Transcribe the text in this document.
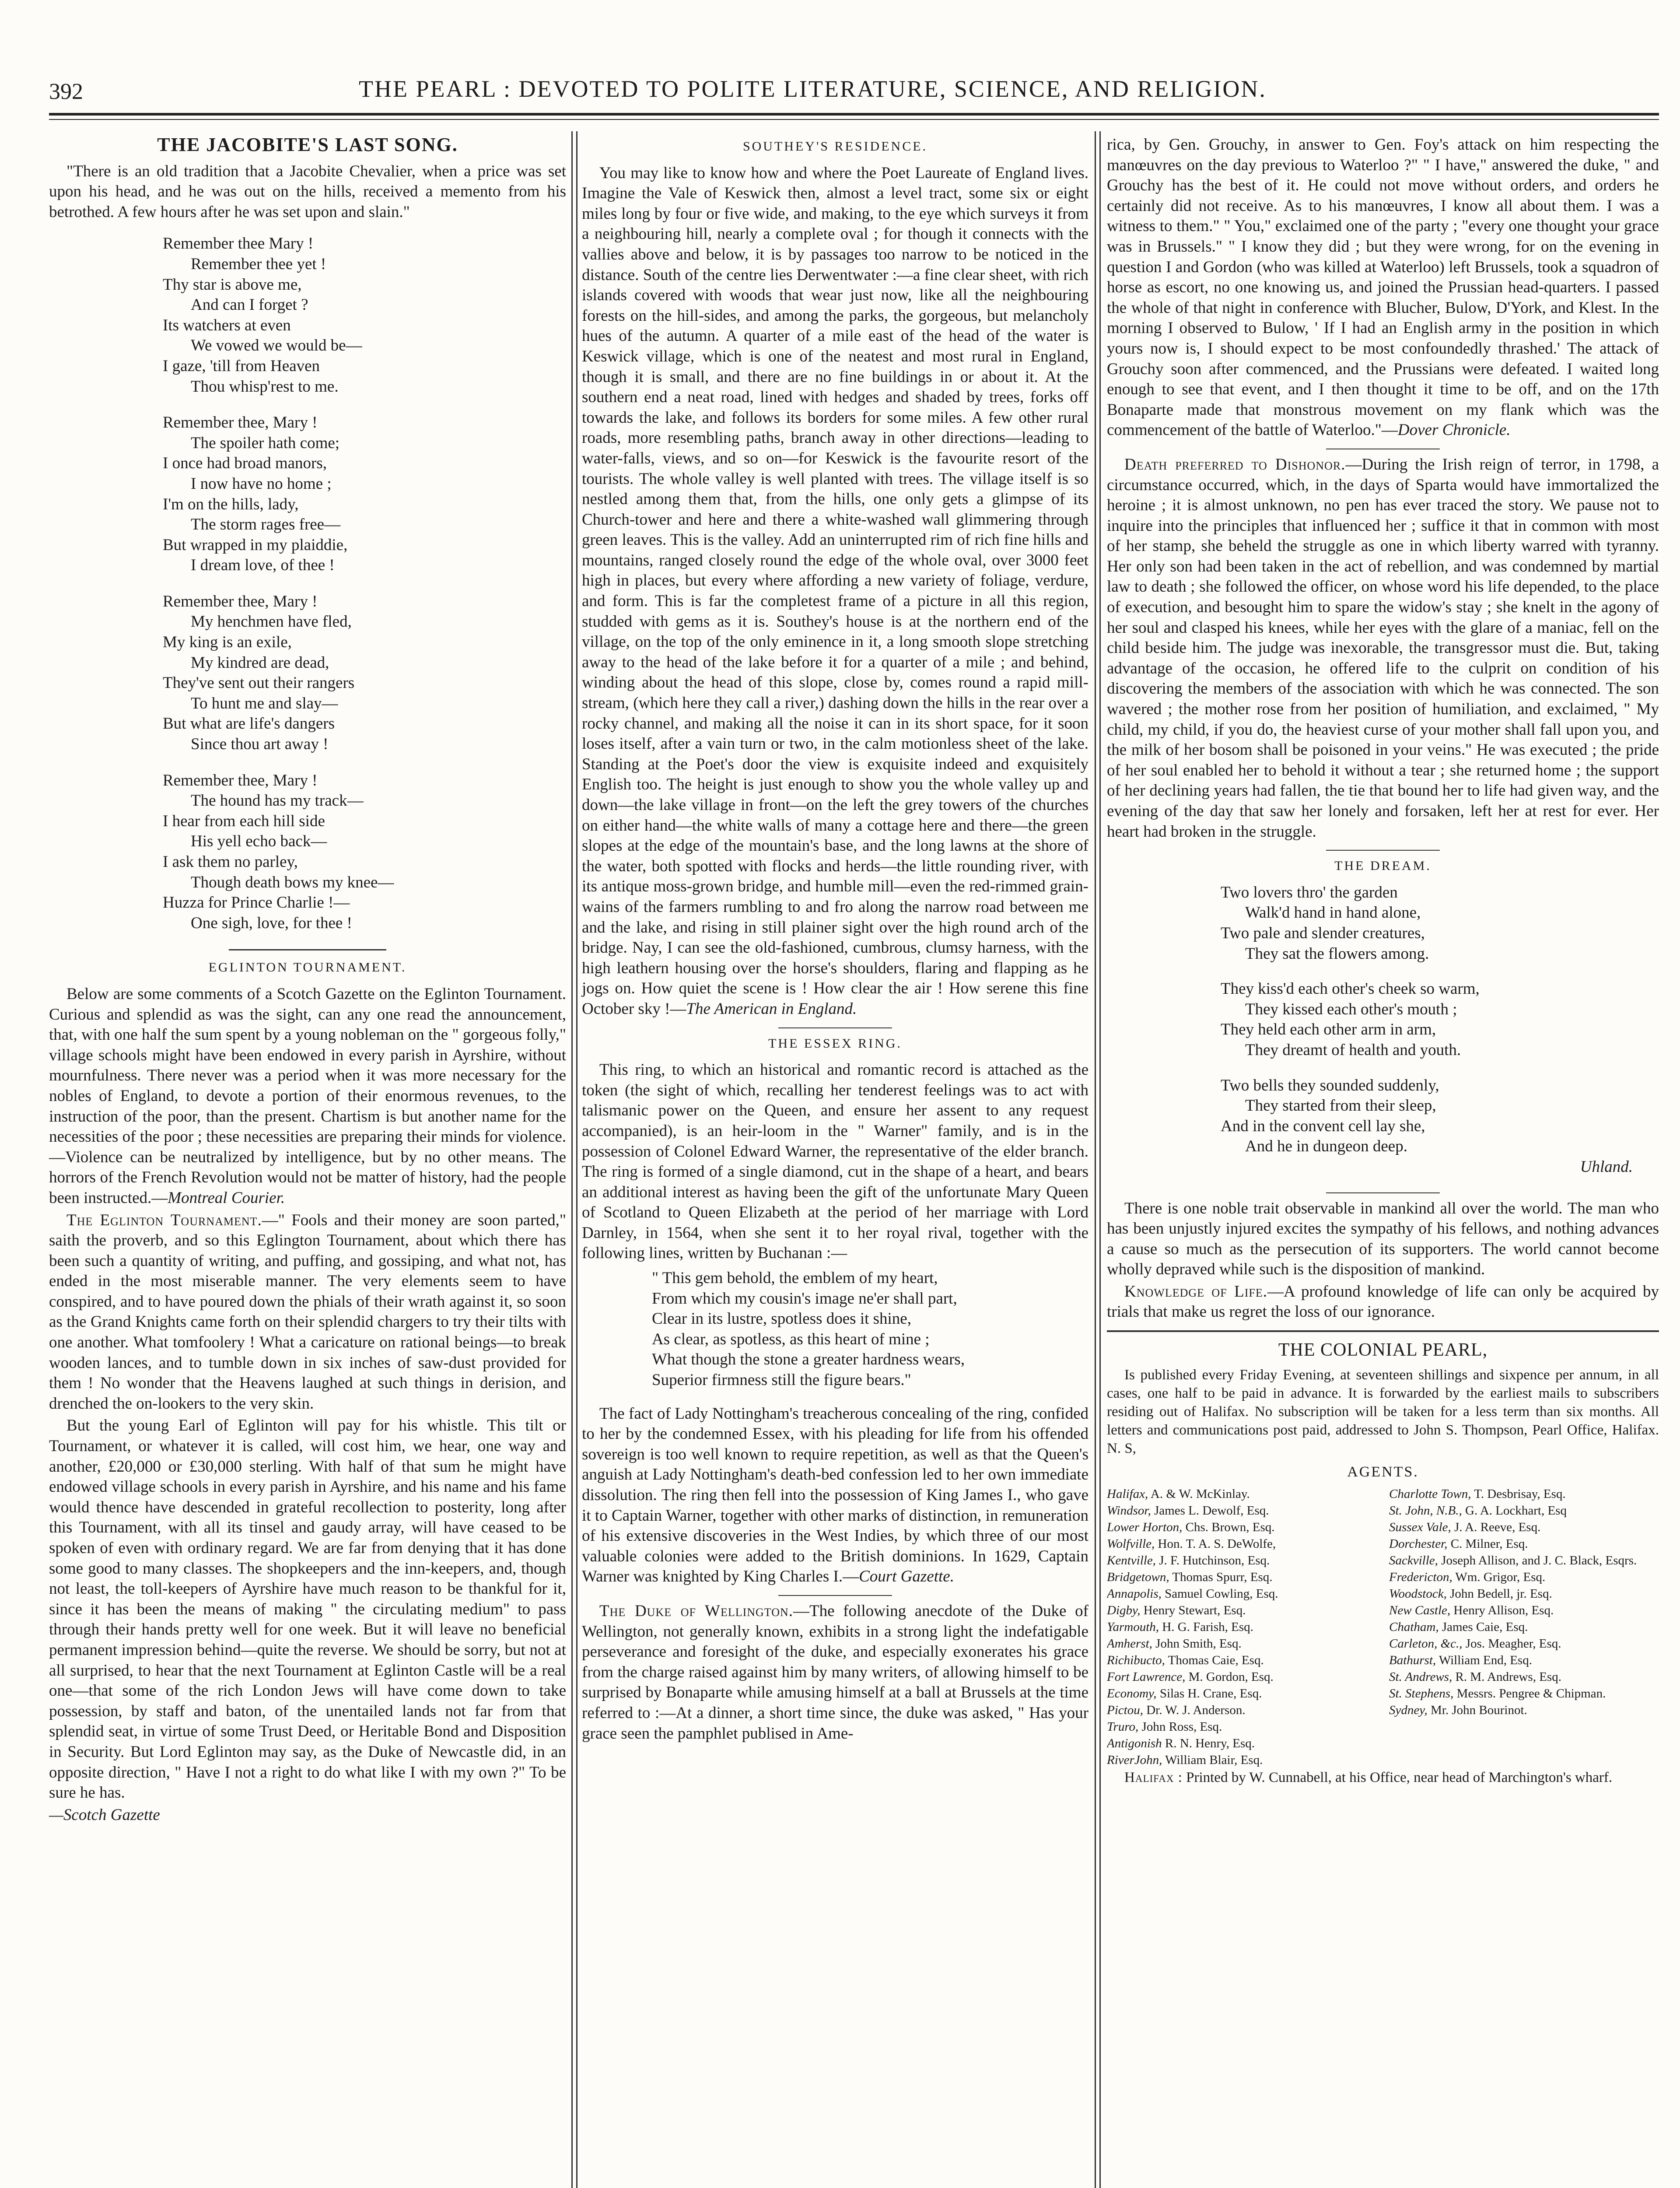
392	THE PEARL : DEVOTED TO POLITE LITERATURE, SCIENCE, AND RELIGION.
THE JACOBITE'S LAST SONG.

"There is an old tradition that a Jacobite Chevalier, when a price was set upon his head, and he was out on the hills, received a memento from his betrothed. A few hours after he was set upon and slain."

Remember thee Mary !
Remember thee yet !
Thy star is above me,
And can I forget ?
Its watchers at even
We vowed we would be—
I gaze, 'till from Heaven
Thou whisp'rest to me.
Remember thee, Mary !
The spoiler hath come;
I once had broad manors,
I now have no home ;
I'm on the hills, lady,
The storm rages free—
But wrapped in my plaiddie,
I dream love, of thee !
Remember thee, Mary !
My henchmen have fled,
My king is an exile,
My kindred are dead,
They've sent out their rangers
To hunt me and slay—
But what are life's dangers
Since thou art away !
Remember thee, Mary !
The hound has my track—
I hear from each hill side
His yell echo back—
I ask them no parley,
Though death bows my knee—
Huzza for Prince Charlie !—
One sigh, love, for thee !
EGLINTON TOURNAMENT.

Below are some comments of a Scotch Gazette on the Eglinton Tournament. Curious and splendid as was the sight, can any one read the announcement, that, with one half the sum spent by a young nobleman on the " gorgeous folly," village schools might have been endowed in every parish in Ayrshire, without mournfulness. There never was a period when it was more necessary for the nobles of England, to devote a portion of their enormous revenues, to the instruction of the poor, than the present. Chartism is but another name for the necessities of the poor ; these necessities are preparing their minds for violence.—Violence can be neutralized by intelligence, but by no other means. The horrors of the French Revolution would not be matter of history, had the people been instructed.—Montreal Courier.

The Eglinton Tournament.—" Fools and their money are soon parted," saith the proverb, and so this Eglington Tournament, about which there has been such a quantity of writing, and puffing, and gossiping, and what not, has ended in the most miserable manner. The very elements seem to have conspired, and to have poured down the phials of their wrath against it, so soon as the Grand Knights came forth on their splendid chargers to try their tilts with one another. What tomfoolery ! What a caricature on rational beings—to break wooden lances, and to tumble down in six inches of saw-dust provided for them ! No wonder that the Heavens laughed at such things in derision, and drenched the on-lookers to the very skin.

But the young Earl of Eglinton will pay for his whistle. This tilt or Tournament, or whatever it is called, will cost him, we hear, one way and another, £20,000 or £30,000 sterling. With half of that sum he might have endowed village schools in every parish in Ayrshire, and his name and his fame would thence have descended in grateful recollection to posterity, long after this Tournament, with all its tinsel and gaudy array, will have ceased to be spoken of even with ordinary regard. We are far from denying that it has done some good to many classes. The shopkeepers and the inn-keepers, and, though not least, the toll-keepers of Ayrshire have much reason to be thankful for it, since it has been the means of making " the circulating medium" to pass through their hands pretty well for one week. But it will leave no beneficial permanent impression behind—quite the reverse. We should be sorry, but not at all surprised, to hear that the next Tournament at Eglinton Castle will be a real one—that some of the rich London Jews will have come down to take possession, by staff and baton, of the unentailed lands not far from that splendid seat, in virtue of some Trust Deed, or Heritable Bond and Disposition in Security. But Lord Eglinton may say, as the Duke of Newcastle did, in an opposite direction, " Have I not a right to do what like I with my own ?" To be sure he has.

—Scotch Gazette

SOUTHEY'S RESIDENCE.

You may like to know how and where the Poet Laureate of England lives. Imagine the Vale of Keswick then, almost a level tract, some six or eight miles long by four or five wide, and making, to the eye which surveys it from a neighbouring hill, nearly a complete oval ; for though it connects with the vallies above and below, it is by passages too narrow to be noticed in the distance. South of the centre lies Derwentwater :—a fine clear sheet, with rich islands covered with woods that wear just now, like all the neighbouring forests on the hill-sides, and among the parks, the gorgeous, but melancholy hues of the autumn. A quarter of a mile east of the head of the water is Keswick village, which is one of the neatest and most rural in England, though it is small, and there are no fine buildings in or about it. At the southern end a neat road, lined with hedges and shaded by trees, forks off towards the lake, and follows its borders for some miles. A few other rural roads, more resembling paths, branch away in other directions—leading to water-falls, views, and so on—for Keswick is the favourite resort of the tourists. The whole valley is well planted with trees. The village itself is so nestled among them that, from the hills, one only gets a glimpse of its Church-tower and here and there a white-washed wall glimmering through green leaves. This is the valley. Add an uninterrupted rim of rich fine hills and mountains, ranged closely round the edge of the whole oval, over 3000 feet high in places, but every where affording a new variety of foliage, verdure, and form. This is far the completest frame of a picture in all this region, studded with gems as it is. Southey's house is at the northern end of the village, on the top of the only eminence in it, a long smooth slope stretching away to the head of the lake before it for a quarter of a mile ; and behind, winding about the head of this slope, close by, comes round a rapid mill-stream, (which here they call a river,) dashing down the hills in the rear over a rocky channel, and making all the noise it can in its short space, for it soon loses itself, after a vain turn or two, in the calm motionless sheet of the lake. Standing at the Poet's door the view is exquisite indeed and exquisitely English too. The height is just enough to show you the whole valley up and down—the lake village in front—on the left the grey towers of the churches on either hand—the white walls of many a cottage here and there—the green slopes at the edge of the mountain's base, and the long lawns at the shore of the water, both spotted with flocks and herds—the little rounding river, with its antique moss-grown bridge, and humble mill—even the red-rimmed grain-wains of the farmers rumbling to and fro along the narrow road between me and the lake, and rising in still plainer sight over the high round arch of the bridge. Nay, I can see the old-fashioned, cumbrous, clumsy harness, with the high leathern housing over the horse's shoulders, flaring and flapping as he jogs on. How quiet the scene is ! How clear the air ! How serene this fine October sky !—The American in England.

THE ESSEX RING.

This ring, to which an historical and romantic record is attached as the token (the sight of which, recalling her tenderest feelings was to act with talismanic power on the Queen, and ensure her assent to any request accompanied), is an heir-loom in the " Warner" family, and is in the possession of Colonel Edward Warner, the representative of the elder branch. The ring is formed of a single diamond, cut in the shape of a heart, and bears an additional interest as having been the gift of the unfortunate Mary Queen of Scotland to Queen Elizabeth at the period of her marriage with Lord Darnley, in 1564, when she sent it to her royal rival, together with the following lines, written by Buchanan :—

" This gem behold, the emblem of my heart,
From which my cousin's image ne'er shall part,
Clear in its lustre, spotless does it shine,
As clear, as spotless, as this heart of mine ;
What though the stone a greater hardness wears,
Superior firmness still the figure bears."

The fact of Lady Nottingham's treacherous concealing of the ring, confided to her by the condemned Essex, with his pleading for life from his offended sovereign is too well known to require repetition, as well as that the Queen's anguish at Lady Nottingham's death-bed confession led to her own immediate dissolution. The ring then fell into the possession of King James I., who gave it to Captain Warner, together with other marks of distinction, in remuneration of his extensive discoveries in the West Indies, by which three of our most valuable colonies were added to the British dominions. In 1629, Captain Warner was knighted by King Charles I.—Court Gazette.

The Duke of Wellington.—The following anecdote of the Duke of Wellington, not generally known, exhibits in a strong light the indefatigable perseverance and foresight of the duke, and especially exonerates his grace from the charge raised against him by many writers, of allowing himself to be surprised by Bonaparte while amusing himself at a ball at Brussels at the time referred to :—At a dinner, a short time since, the duke was asked, " Has your grace seen the pamphlet publised in Ame-

rica, by Gen. Grouchy, in answer to Gen. Foy's attack on him respecting the manœuvres on the day previous to Waterloo ?" " I have," answered the duke, " and Grouchy has the best of it. He could not move without orders, and orders he certainly did not receive. As to his manœuvres, I know all about them. I was a witness to them." " You," exclaimed one of the party ; "every one thought your grace was in Brussels." " I know they did ; but they were wrong, for on the evening in question I and Gordon (who was killed at Waterloo) left Brussels, took a squadron of horse as escort, no one knowing us, and joined the Prussian head-quarters. I passed the whole of that night in conference with Blucher, Bulow, D'York, and Klest. In the morning I observed to Bulow, ' If I had an English army in the position in which yours now is, I should expect to be most confoundedly thrashed.' The attack of Grouchy soon after commenced, and the Prussians were defeated. I waited long enough to see that event, and I then thought it time to be off, and on the 17th Bonaparte made that monstrous movement on my flank which was the commencement of the battle of Waterloo."—Dover Chronicle.

Death preferred to Dishonor.—During the Irish reign of terror, in 1798, a circumstance occurred, which, in the days of Sparta would have immortalized the heroine ; it is almost unknown, no pen has ever traced the story. We pause not to inquire into the principles that influenced her ; suffice it that in common with most of her stamp, she beheld the struggle as one in which liberty warred with tyranny. Her only son had been taken in the act of rebellion, and was condemned by martial law to death ; she followed the officer, on whose word his life depended, to the place of execution, and besought him to spare the widow's stay ; she knelt in the agony of her soul and clasped his knees, while her eyes with the glare of a maniac, fell on the child beside him. The judge was inexorable, the transgressor must die. But, taking advantage of the occasion, he offered life to the culprit on condition of his discovering the members of the association with which he was connected. The son wavered ; the mother rose from her position of humiliation, and exclaimed, " My child, my child, if you do, the heaviest curse of your mother shall fall upon you, and the milk of her bosom shall be poisoned in your veins." He was executed ; the pride of her soul enabled her to behold it without a tear ; she returned home ; the support of her declining years had fallen, the tie that bound her to life had given way, and the evening of the day that saw her lonely and forsaken, left her at rest for ever. Her heart had broken in the struggle.

THE DREAM.
Two lovers thro' the garden
Walk'd hand in hand alone,
Two pale and slender creatures,
They sat the flowers among.
They kiss'd each other's cheek so warm,
They kissed each other's mouth ;
They held each other arm in arm,
They dreamt of health and youth.
Two bells they sounded suddenly,
They started from their sleep,
And in the convent cell lay she,
And he in dungeon deep.
Uhland.

There is one noble trait observable in mankind all over the world. The man who has been unjustly injured excites the sympathy of his fellows, and nothing advances a cause so much as the persecution of its supporters. The world cannot become wholly depraved while such is the disposition of mankind.

Knowledge of Life.—A profound knowledge of life can only be acquired by trials that make us regret the loss of our ignorance.

THE COLONIAL PEARL,

Is published every Friday Evening, at seventeen shillings and sixpence per annum, in all cases, one half to be paid in advance. It is forwarded by the earliest mails to subscribers residing out of Halifax. No subscription will be taken for a less term than six months. All letters and communications post paid, addressed to John S. Thompson, Pearl Office, Halifax. N. S,

AGENTS.
Halifax, A. & W. McKinlay.
Windsor, James L. Dewolf, Esq.
Lower Horton, Chs. Brown, Esq.
Wolfville, Hon. T. A. S. DeWolfe,
Kentville, J. F. Hutchinson, Esq.
Bridgetown, Thomas Spurr, Esq.
Annapolis, Samuel Cowling, Esq.
Digby, Henry Stewart, Esq.
Yarmouth, H. G. Farish, Esq.
Amherst, John Smith, Esq.
Richibucto, Thomas Caie, Esq.
Fort Lawrence, M. Gordon, Esq.
Economy, Silas H. Crane, Esq.
Pictou, Dr. W. J. Anderson.
Truro, John Ross, Esq.
Antigonish R. N. Henry, Esq.
RiverJohn, William Blair, Esq.
Charlotte Town, T. Desbrisay, Esq.
St. John, N.B., G. A. Lockhart, Esq
Sussex Vale, J. A. Reeve, Esq.
Dorchester, C. Milner, Esq.
Sackville, Joseph Allison, and J. C. Black, Esqrs.
Fredericton, Wm. Grigor, Esq.
Woodstock, John Bedell, jr. Esq.
New Castle, Henry Allison, Esq.
Chatham, James Caie, Esq.
Carleton, &c., Jos. Meagher, Esq.
Bathurst, William End, Esq.
St. Andrews, R. M. Andrews, Esq.
St. Stephens, Messrs. Pengree & Chipman.
Sydney, Mr. John Bourinot.

Halifax : Printed by W. Cunnabell, at his Office, near head of Marchington's wharf.
